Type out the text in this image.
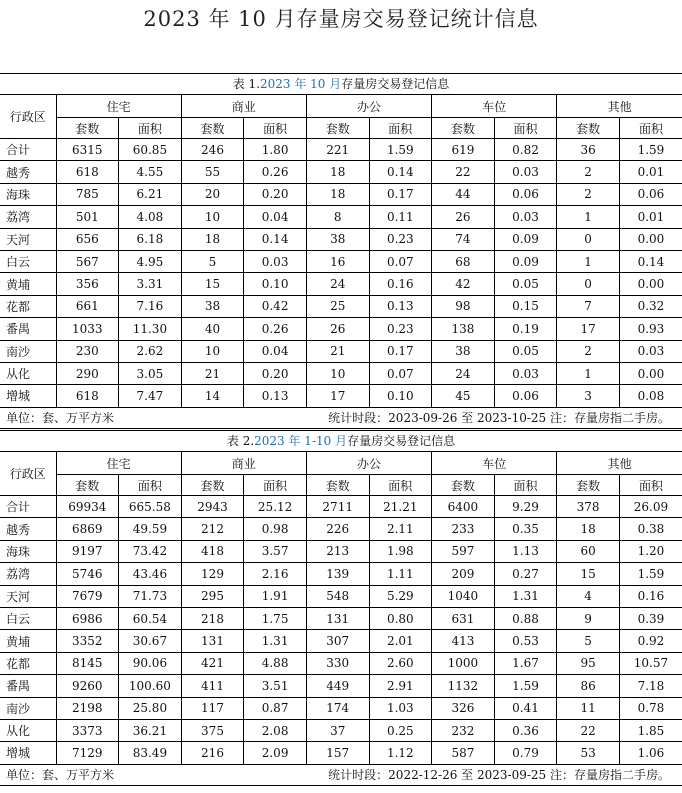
2023 年 10 月存量房交易登记统计信息
表 1.2023 年 10 月存量房交易登记信息
行政区	住宅		商业		办公		车位		其他	
	套数	面积	套数	面积	套数	面积	套数	面积	套数	面积
合计	6315	60.85	246	1.80	221	1.59	619	0.82	36	1.59
越秀	618	4.55	55	0.26	18	0.14	22	0.03	2	0.01
海珠	785	6.21	20	0.20	18	0.17	44	0.06	2	0.06
荔湾	501	4.08	10	0.04	8	0.11	26	0.03	1	0.01
天河	656	6.18	18	0.14	38	0.23	74	0.09	0	0.00
白云	567	4.95	5	0.03	16	0.07	68	0.09	1	0.14
黄埔	356	3.31	15	0.10	24	0.16	42	0.05	0	0.00
花都	661	7.16	38	0.42	25	0.13	98	0.15	7	0.32
番禺	1033	11.30	40	0.26	26	0.23	138	0.19	17	0.93
南沙	230	2.62	10	0.04	21	0.17	38	0.05	2	0.03
从化	290	3.05	21	0.20	10	0.07	24	0.03	1	0.00
增城	618	7.47	14	0.13	17	0.10	45	0.06	3	0.08
单位：套、万平方米	统计时段：2023-09-26 至 2023-10-25 注：存量房指二手房。
表 2.2023 年 1-10 月存量房交易登记信息
行政区	住宅		商业		办公		车位		其他	
	套数	面积	套数	面积	套数	面积	套数	面积	套数	面积
合计	69934	665.58	2943	25.12	2711	21.21	6400	9.29	378	26.09
越秀	6869	49.59	212	0.98	226	2.11	233	0.35	18	0.38
海珠	9197	73.42	418	3.57	213	1.98	597	1.13	60	1.20
荔湾	5746	43.46	129	2.16	139	1.11	209	0.27	15	1.59
天河	7679	71.73	295	1.91	548	5.29	1040	1.31	4	0.16
白云	6986	60.54	218	1.75	131	0.80	631	0.88	9	0.39
黄埔	3352	30.67	131	1.31	307	2.01	413	0.53	5	0.92
花都	8145	90.06	421	4.88	330	2.60	1000	1.67	95	10.57
番禺	9260	100.60	411	3.51	449	2.91	1132	1.59	86	7.18
南沙	2198	25.80	117	0.87	174	1.03	326	0.41	11	0.78
从化	3373	36.21	375	2.08	37	0.25	232	0.36	22	1.85
增城	7129	83.49	216	2.09	157	1.12	587	0.79	53	1.06
单位：套、万平方米	统计时段：2022-12-26 至 2023-09-25 注：存量房指二手房。
